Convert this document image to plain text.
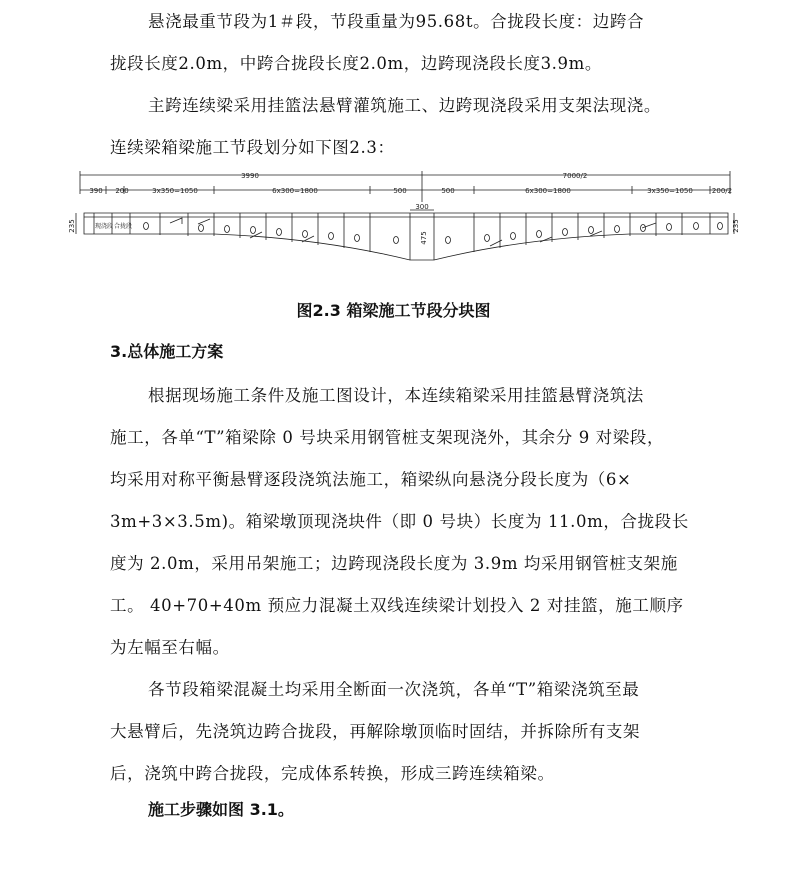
悬浇最重节段为1＃段，节段重量为95.68t。合拢段长度：边跨合
拢段长度2.0m，中跨合拢段长度2.0m，边跨现浇段长度3.9m。
主跨连续梁采用挂篮法悬臂灌筑施工、边跨现浇段采用支架法现浇。
连续梁箱梁施工节段划分如下图2.3：
3990	7000/2
390 200	3x350=1050	6x300=1800	500	500	6x300=1800	3x350=1050	200/2
300
现浇段 合拢段
235	235
475
图2.3 箱梁施工节段分块图
3.总体施工方案
根据现场施工条件及施工图设计，本连续箱梁采用挂篮悬臂浇筑法
施工，各单“T”箱梁除 0 号块采用钢管桩支架现浇外，其余分 9 对梁段，
均采用对称平衡悬臂逐段浇筑法施工，箱梁纵向悬浇分段长度为（6×
3m+3×3.5m)。箱梁墩顶现浇块件（即 0 号块）长度为 11.0m，合拢段长
度为 2.0m，采用吊架施工；边跨现浇段长度为 3.9m 均采用钢管桩支架施
工。 40+70+40m 预应力混凝土双线连续梁计划投入 2 对挂篮，施工顺序
为左幅至右幅。
各节段箱梁混凝土均采用全断面一次浇筑，各单“T”箱梁浇筑至最
大悬臂后，先浇筑边跨合拢段，再解除墩顶临时固结，并拆除所有支架
后，浇筑中跨合拢段，完成体系转换，形成三跨连续箱梁。
施工步骤如图 3.1。
